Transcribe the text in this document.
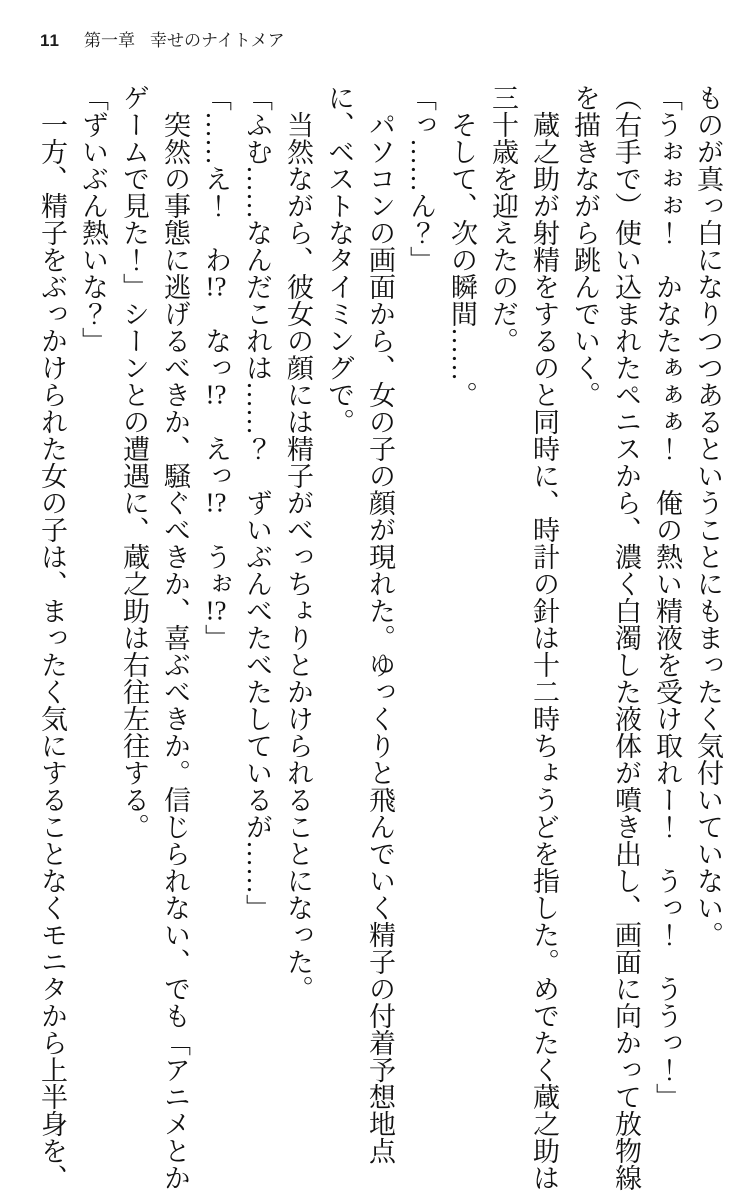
11 第一章 幸せのナイトメア

ものが真っ白になりつつあるということにもまったく気付いていない。

「うぉぉぉ！　かなたぁぁぁ！　俺の熱い精液を受け取れー！　うっ！　ううっ！」

（右手で）使い込まれたペニスから、濃く白濁した液体が噴き出し、画面に向かって放物線を描きながら跳んでいく。

蔵之助が射精をするのと同時に、時計の針は十二時ちょうどを指した。めでたく蔵之助は三十歳を迎えたのだ。

そして、次の瞬間……。

「っ……ん？」

パソコンの画面から、女の子の顔が現れた。ゆっくりと飛んでいく精子の付着予想地点に、ベストなタイミングで。

当然ながら、彼女の顔には精子がべっちょりとかけられることになった。

「ふむ……なんだこれは……？　ずいぶんべたべたしているが……」

「……え！　わ!?　なっ!?　えっ!?　うぉ!?」

突然の事態に逃げるべきか、騒ぐべきか、喜ぶべきか。信じられない、でも「アニメとかゲームで見た！」シーンとの遭遇に、蔵之助は右往左往する。

「ずいぶん熱いな？」

一方、精子をぶっかけられた女の子は、まったく気にすることなくモニタから上半身を、
